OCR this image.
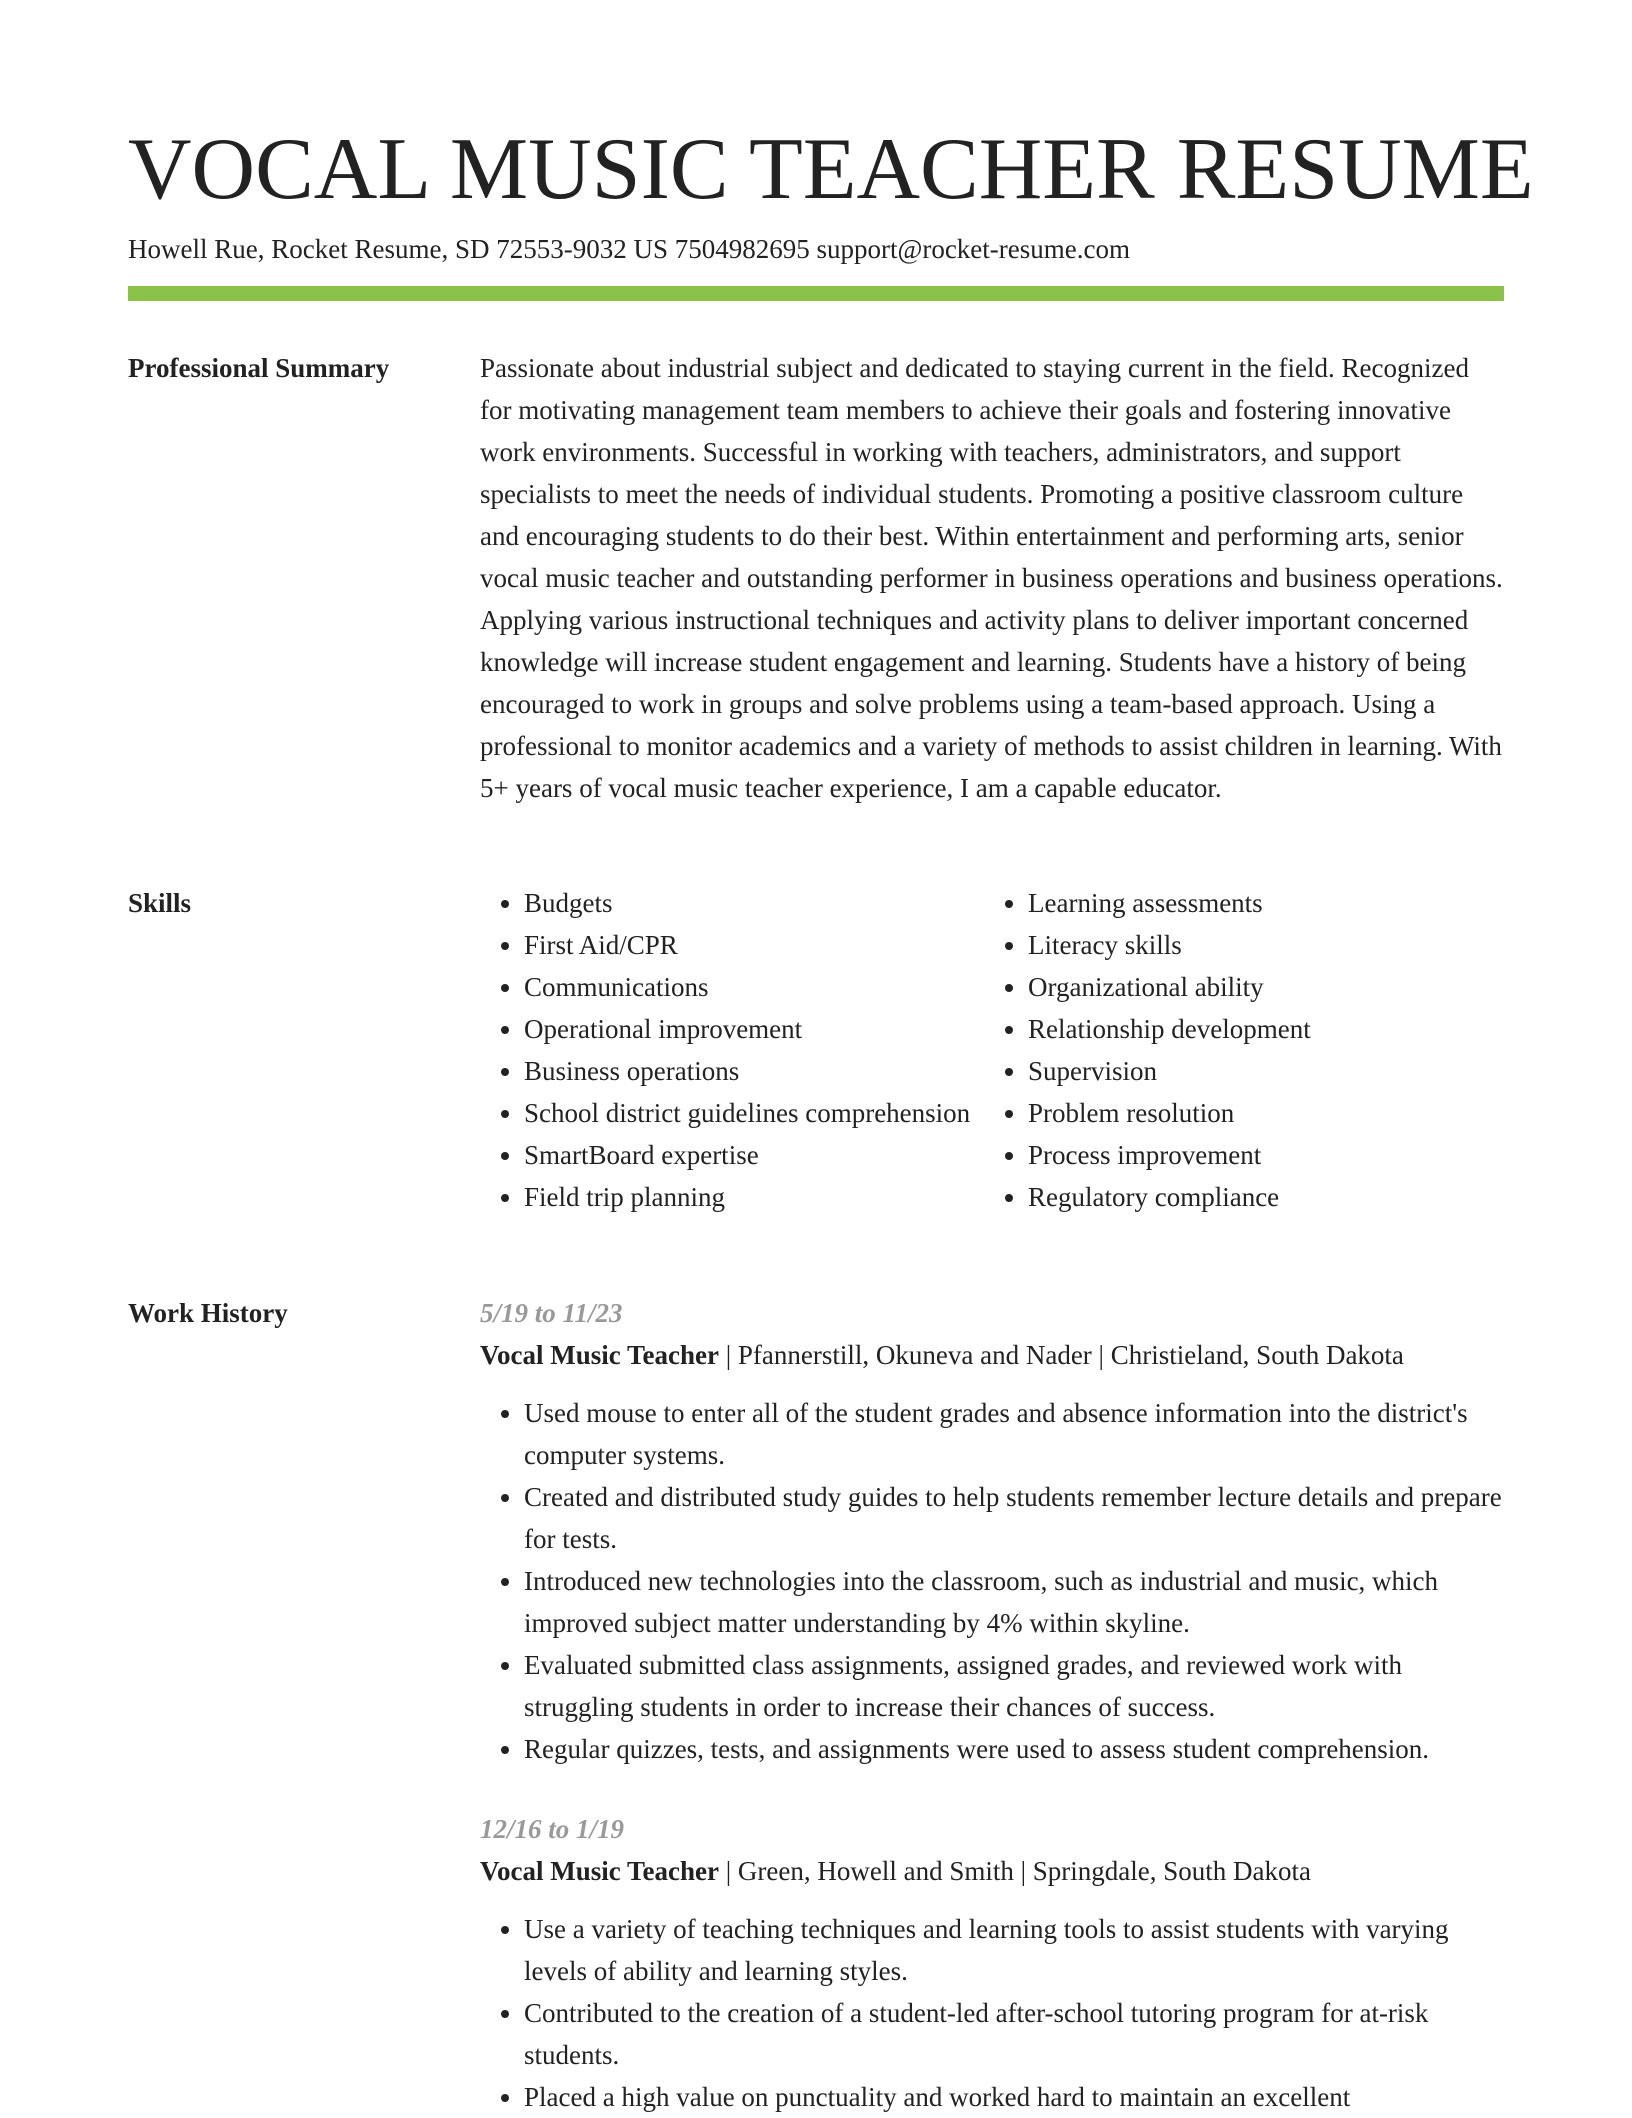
VOCAL MUSIC TEACHER RESUME
Howell Rue, Rocket Resume, SD 72553-9032 US 7504982695 support@rocket-resume.com
Professional Summary	Passionate about industrial subject and dedicated to staying current in the field. Recognized for motivating management team members to achieve their goals and fostering innovative work environments. Successful in working with teachers, administrators, and support specialists to meet the needs of individual students. Promoting a positive classroom culture and encouraging students to do their best. Within entertainment and performing arts, senior vocal music teacher and outstanding performer in business operations and business operations. Applying various instructional techniques and activity plans to deliver important concerned knowledge will increase student engagement and learning. Students have a history of being encouraged to work in groups and solve problems using a team-based approach. Using a professional to monitor academics and a variety of methods to assist children in learning. With 5+ years of vocal music teacher experience, I am a capable educator.

Skills
•	Budgets
• First Aid/CPR
• Communications
• Operational improvement
• Business operations
• School district guidelines comprehension
• SmartBoard expertise
• Field trip planning
• Learning assessments
• Literacy skills
• Organizational ability
• Relationship development
• Supervision
• Problem resolution
• Process improvement
• Regulatory compliance
Work History	5/19 to 11/23
Vocal Music Teacher | Pfannerstill, Okuneva and Nader | Christieland, South Dakota
• Used mouse to enter all of the student grades and absence information into the district's computer systems.
• Created and distributed study guides to help students remember lecture details and prepare for tests.
• Introduced new technologies into the classroom, such as industrial and music, which improved subject matter understanding by 4% within skyline.
• Evaluated submitted class assignments, assigned grades, and reviewed work with struggling students in order to increase their chances of success.
• Regular quizzes, tests, and assignments were used to assess student comprehension.
12/16 to 1/19
Vocal Music Teacher | Green, Howell and Smith | Springdale, South Dakota
• Use a variety of teaching techniques and learning tools to assist students with varying levels of ability and learning styles.
• Contributed to the creation of a student-led after-school tutoring program for at-risk students.
• Placed a high value on punctuality and worked hard to maintain an excellent
